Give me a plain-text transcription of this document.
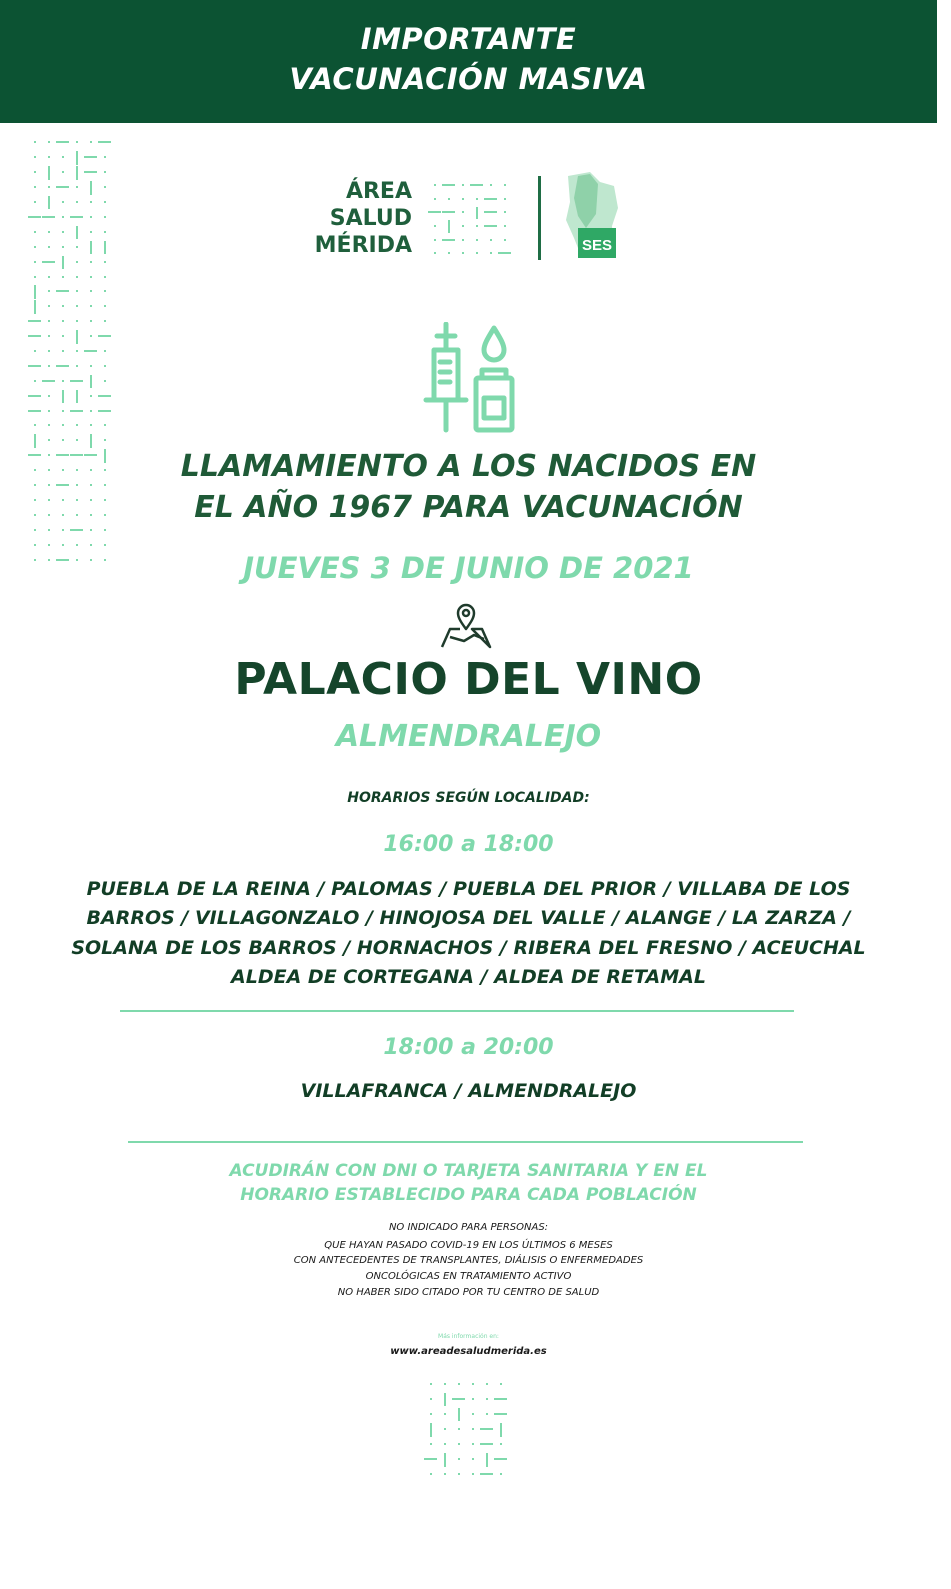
IMPORTANTE
VACUNACIÓN MASIVA
ÁREA
SALUD
MÉRIDA	SES

LLAMAMIENTO A LOS NACIDOS EN

EL AÑO 1967 PARA VACUNACIÓN

JUEVES 3 DE JUNIO DE 2021

PALACIO DEL VINO

ALMENDRALEJO

HORARIOS SEGÚN LOCALIDAD:

16:00 a 18:00

PUEBLA DE LA REINA / PALOMAS / PUEBLA DEL PRIOR / VILLABA DE LOS

BARROS / VILLAGONZALO / HINOJOSA DEL VALLE / ALANGE / LA ZARZA /

SOLANA DE LOS BARROS / HORNACHOS / RIBERA DEL FRESNO / ACEUCHAL

ALDEA DE CORTEGANA / ALDEA DE RETAMAL

18:00 a 20:00

VILLAFRANCA / ALMENDRALEJO

ACUDIRÁN CON DNI O TARJETA SANITARIA Y EN EL

HORARIO ESTABLECIDO PARA CADA POBLACIÓN

NO INDICADO PARA PERSONAS:

QUE HAYAN PASADO COVID-19 EN LOS ÚLTIMOS 6 MESES

CON ANTECEDENTES DE TRANSPLANTES, DIÁLISIS O ENFERMEDADES

ONCOLÓGICAS EN TRATAMIENTO ACTIVO

NO HABER SIDO CITADO POR TU CENTRO DE SALUD

Más información en:

www.areadesaludmerida.es
